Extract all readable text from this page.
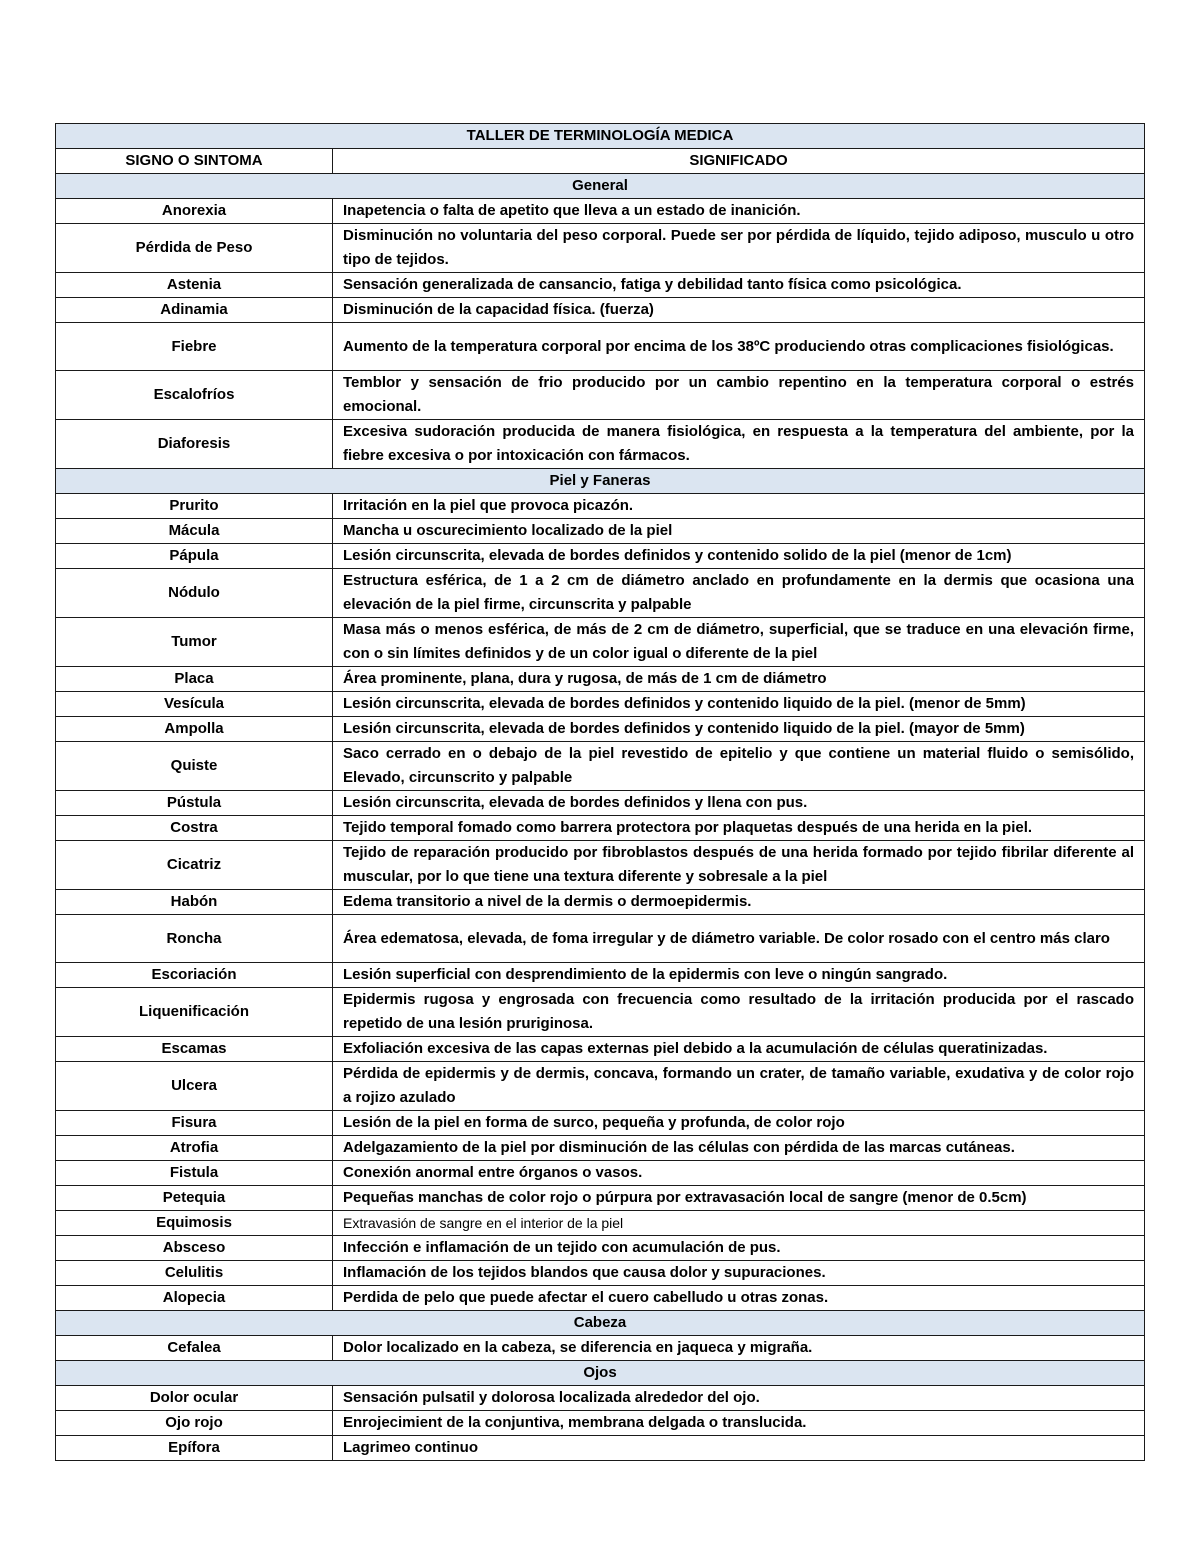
TALLER DE TERMINOLOGÍA MEDICA	
SIGNO O SINTOMA	SIGNIFICADO
General	
Anorexia	Inapetencia o falta de apetito que lleva a un estado de inanición.
Pérdida de Peso	Disminución no voluntaria del peso corporal. Puede ser por pérdida de líquido, tejido adiposo, musculo u otro tipo de tejidos.
Astenia	Sensación generalizada de cansancio, fatiga y debilidad tanto física como psicológica.
Adinamia	Disminución de la capacidad física. (fuerza)
Fiebre	Aumento de la temperatura corporal por encima de los 38ºC produciendo otras complicaciones fisiológicas.
Escalofríos	Temblor y sensación de frio producido por un cambio repentino en la temperatura corporal o estrés emocional.
Diaforesis	Excesiva sudoración producida de manera fisiológica, en respuesta a la temperatura del ambiente, por la fiebre excesiva o por intoxicación con fármacos.
Piel y Faneras	
Prurito	Irritación en la piel que provoca picazón.
Mácula	Mancha u oscurecimiento localizado de la piel
Pápula	Lesión circunscrita, elevada de bordes definidos y contenido solido de la piel (menor de 1cm)
Nódulo	Estructura esférica, de 1 a 2 cm de diámetro anclado en profundamente en la dermis que ocasiona una elevación de la piel firme, circunscrita y palpable
Tumor	Masa más o menos esférica, de más de 2 cm de diámetro, superficial, que se traduce en una elevación firme, con o sin límites definidos y de un color igual o diferente de la piel
Placa	Área prominente, plana, dura y rugosa, de más de 1 cm de diámetro
Vesícula	Lesión circunscrita, elevada de bordes definidos y contenido liquido de la piel. (menor de 5mm)
Ampolla	Lesión circunscrita, elevada de bordes definidos y contenido liquido de la piel. (mayor de 5mm)
Quiste	Saco cerrado en o debajo de la piel revestido de epitelio y que contiene un material fluido o semisólido, Elevado, circunscrito y palpable
Pústula	Lesión circunscrita, elevada de bordes definidos y llena con pus.
Costra	Tejido temporal fomado como barrera protectora por plaquetas después de una herida en la piel.
Cicatriz	Tejido de reparación producido por fibroblastos después de una herida formado por tejido fibrilar diferente al muscular, por lo que tiene una textura diferente y sobresale a la piel
Habón	Edema transitorio a nivel de la dermis o dermoepidermis.
Roncha	Área edematosa, elevada, de foma irregular y de diámetro variable. De color rosado con el centro más claro
Escoriación	Lesión superficial con desprendimiento de la epidermis con leve o ningún sangrado.
Liquenificación	Epidermis rugosa y engrosada con frecuencia como resultado de la irritación producida por el rascado repetido de una lesión pruriginosa.
Escamas	Exfoliación excesiva de las capas externas piel debido a la acumulación de células queratinizadas.
Ulcera	Pérdida de epidermis y de dermis, concava, formando un crater, de tamaño variable, exudativa y de color rojo a rojizo azulado
Fisura	Lesión de la piel en forma de surco, pequeña y profunda, de color rojo
Atrofia	Adelgazamiento de la piel por disminución de las células con pérdida de las marcas cutáneas.
Fistula	Conexión anormal entre órganos o vasos.
Petequia	Pequeñas manchas de color rojo o púrpura por extravasación local de sangre (menor de 0.5cm)
Equimosis	Extravasión de sangre en el interior de la piel
Absceso	Infección e inflamación de un tejido con acumulación de pus.
Celulitis	Inflamación de los tejidos blandos que causa dolor y supuraciones.
Alopecia	Perdida de pelo que puede afectar el cuero cabelludo u otras zonas.
Cabeza	
Cefalea	Dolor localizado en la cabeza, se diferencia en jaqueca y migraña.
Ojos	
Dolor ocular	Sensación pulsatil y dolorosa localizada alrededor del ojo.
Ojo rojo	Enrojecimient de la conjuntiva, membrana delgada o translucida.
Epífora	Lagrimeo continuo
